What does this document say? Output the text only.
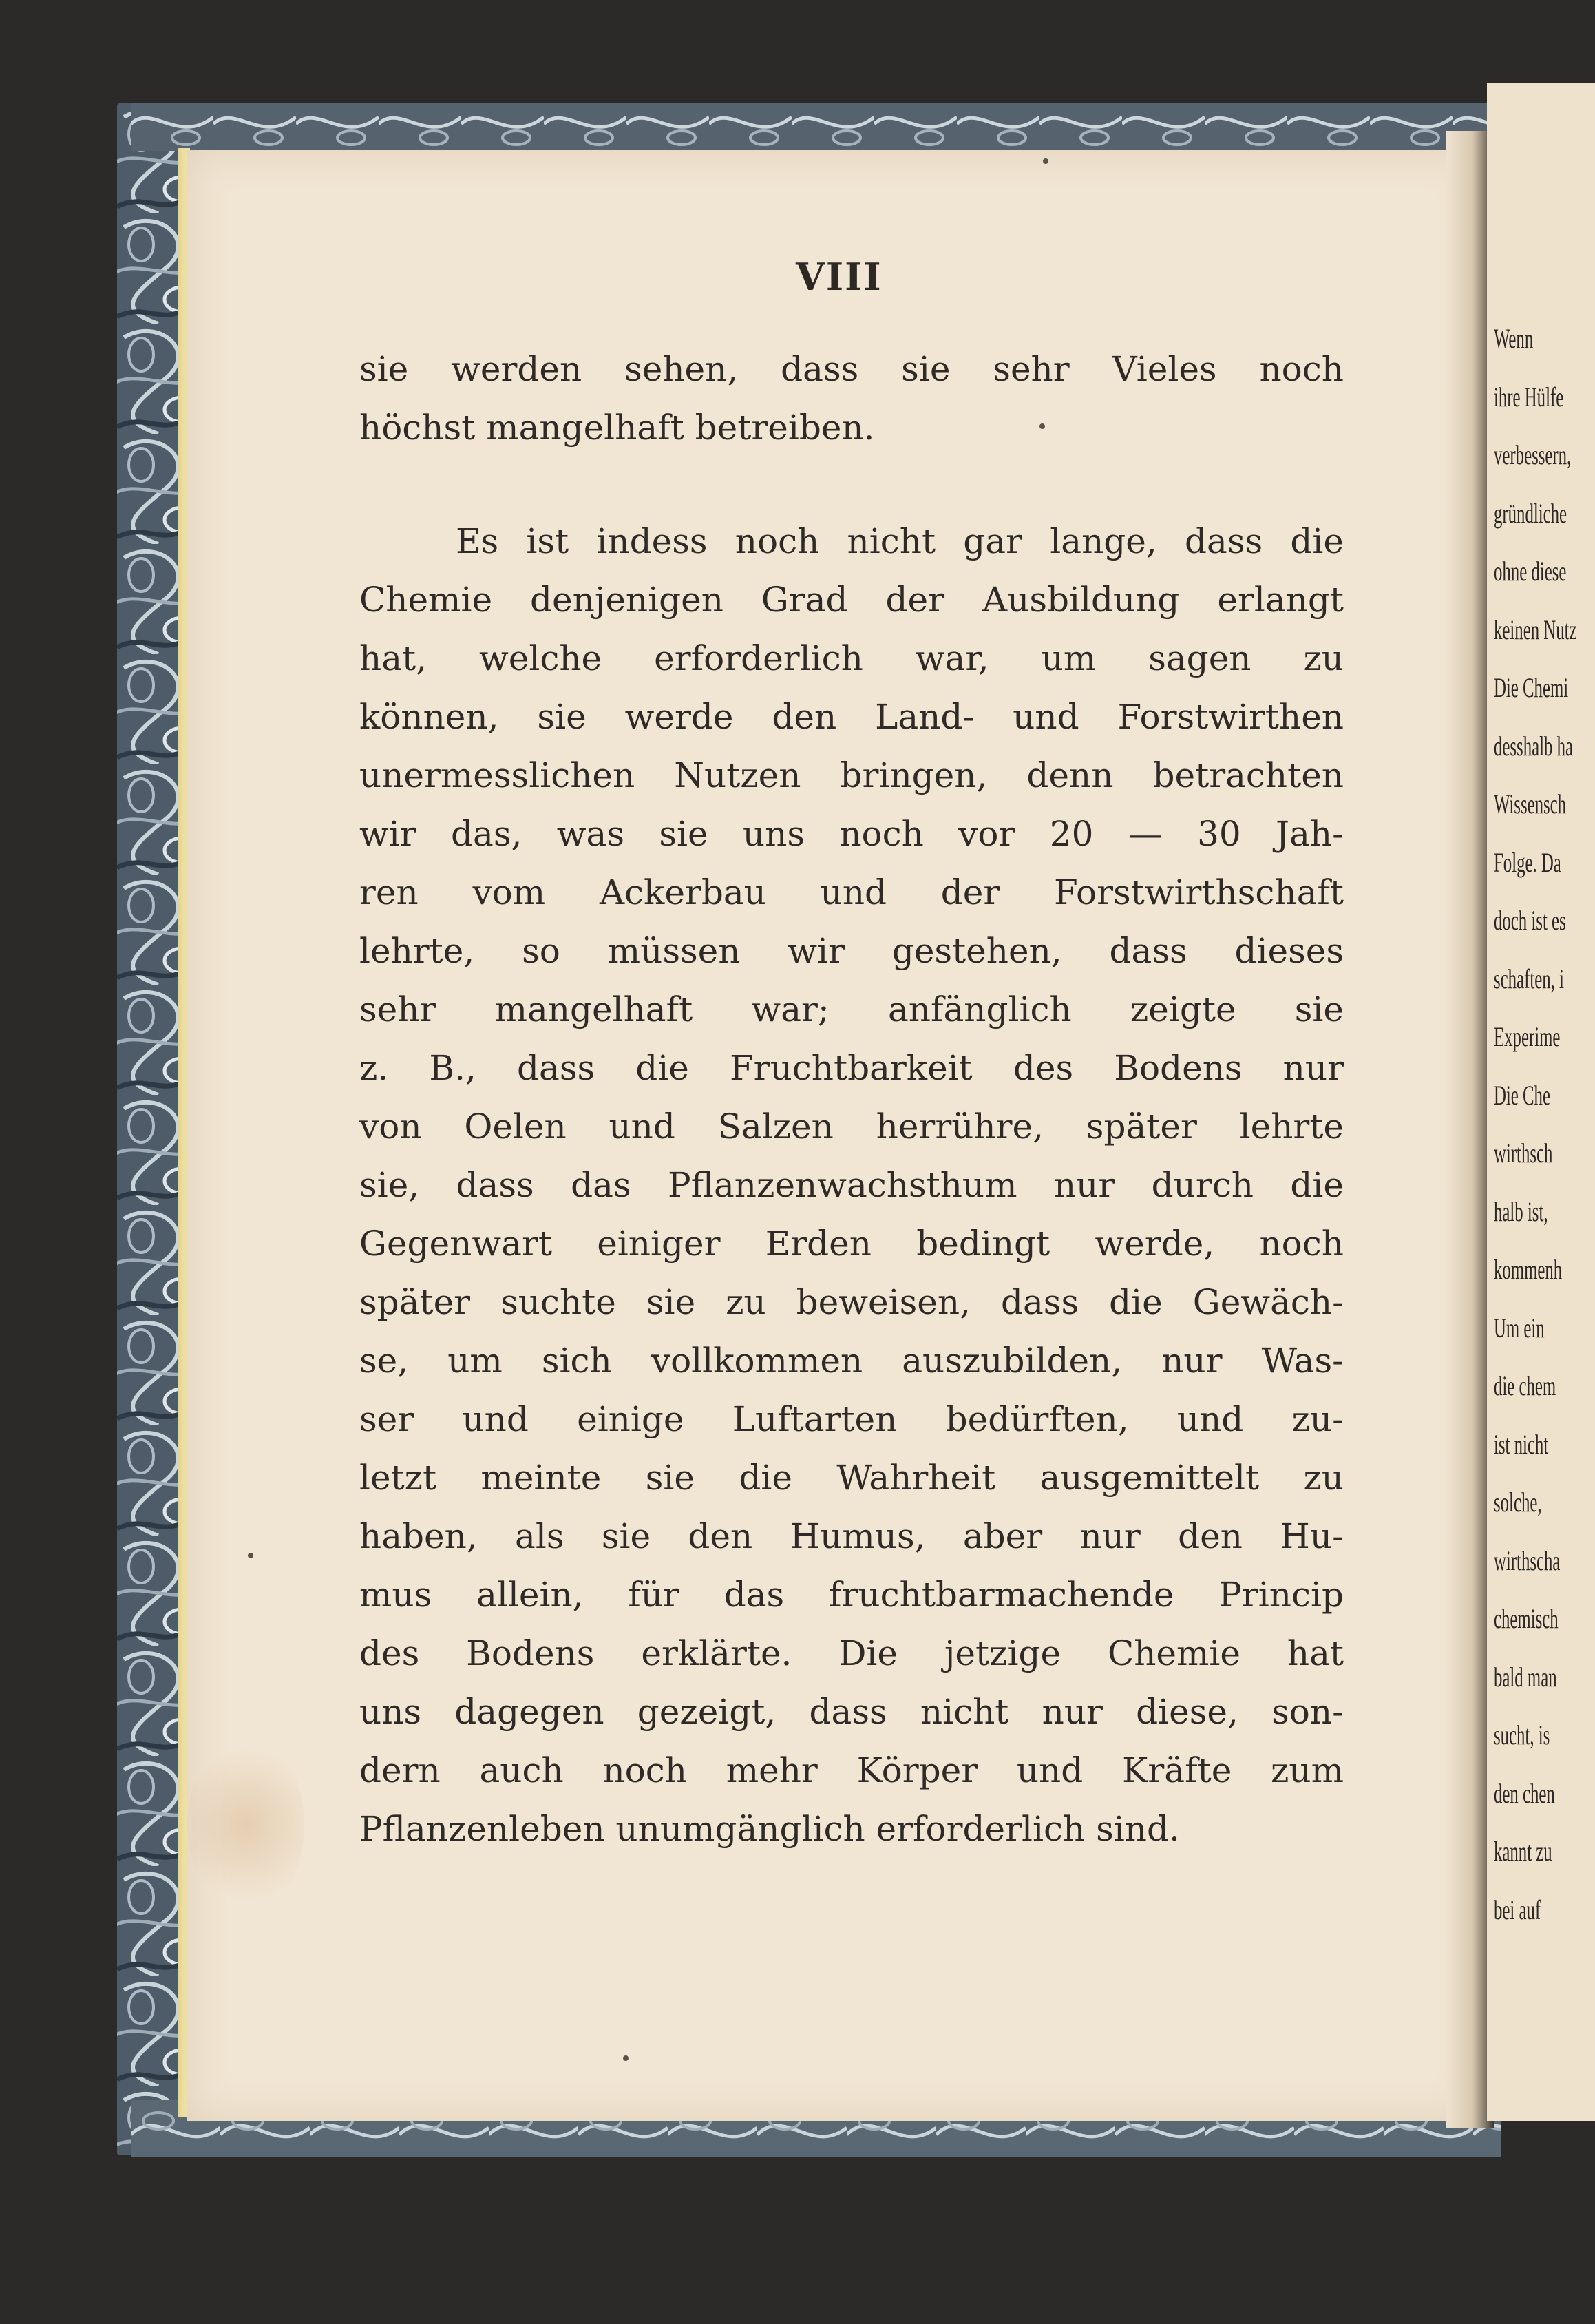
VIII

sie werden sehen, dass sie sehr Vieles noch
höchst mangelhaft betreiben.

Es ist indess noch nicht gar lange, dass die
Chemie denjenigen Grad der Ausbildung erlangt
hat, welche erforderlich war, um sagen zu
können, sie werde den Land- und Forstwirthen
unermesslichen Nutzen bringen, denn betrachten
wir das, was sie uns noch vor 20 — 30 Jah-
ren vom Ackerbau und der Forstwirthschaft
lehrte, so müssen wir gestehen, dass dieses
sehr mangelhaft war; anfänglich zeigte sie
z. B., dass die Fruchtbarkeit des Bodens nur
von Oelen und Salzen herrühre, später lehrte
sie, dass das Pflanzenwachsthum nur durch die
Gegenwart einiger Erden bedingt werde, noch
später suchte sie zu beweisen, dass die Gewäch-
se, um sich vollkommen auszubilden, nur Was-
ser und einige Luftarten bedürften, und zu-
letzt meinte sie die Wahrheit ausgemittelt zu
haben, als sie den Humus, aber nur den Hu-
mus allein, für das fruchtbarmachende Princip
des Bodens erklärte. Die jetzige Chemie hat
uns dagegen gezeigt, dass nicht nur diese, son-
dern auch noch mehr Körper und Kräfte zum
Pflanzenleben unumgänglich erforderlich sind.

Wenn
ihre Hülfe
verbessern,
gründliche
ohne diese
keinen Nutz
Die Chemi
desshalb ha
Wissensch
Folge. Da
doch ist es
schaften, i
Experime
Die Che
wirthsch
halb ist,
kommenh
Um ein
die chem
ist nicht
solche,
wirthscha
chemisch
bald man
sucht, is
den chen
kannt zu
bei auf
